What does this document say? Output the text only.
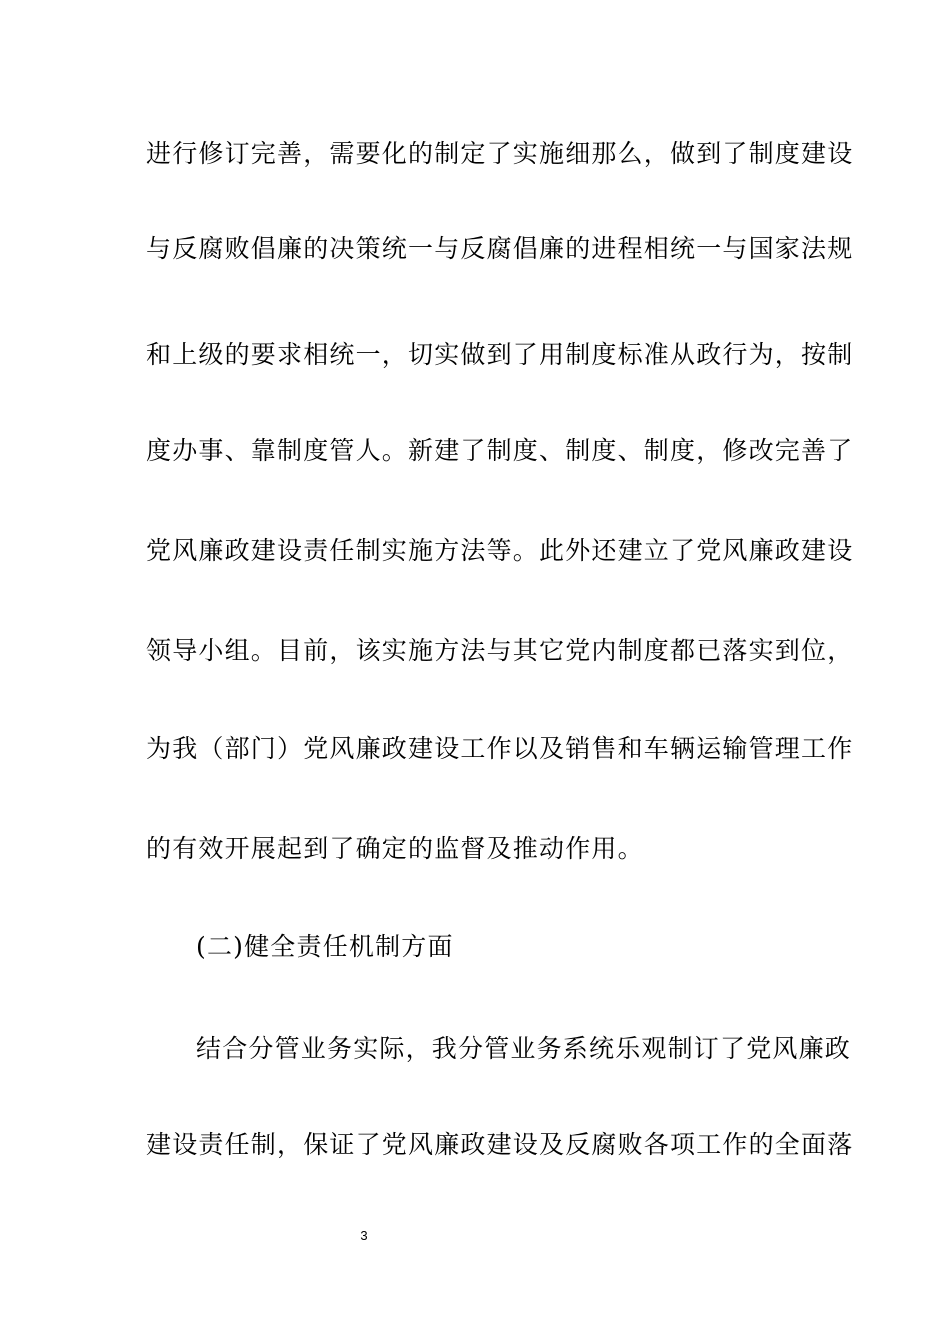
进行修订完善，需要化的制定了实施细那么，做到了制度建设
与反腐败倡廉的决策统一与反腐倡廉的进程相统一与国家法规
和上级的要求相统一，切实做到了用制度标准从政行为，按制
度办事、靠制度管人。新建了制度、制度、制度，修改完善了
党风廉政建设责任制实施方法等。此外还建立了党风廉政建设
领导小组。目前，该实施方法与其它党内制度都已落实到位，
为我（部门）党风廉政建设工作以及销售和车辆运输管理工作
的有效开展起到了确定的监督及推动作用。
(二)健全责任机制方面
结合分管业务实际，我分管业务系统乐观制订了党风廉政
建设责任制，保证了党风廉政建设及反腐败各项工作的全面落
3
